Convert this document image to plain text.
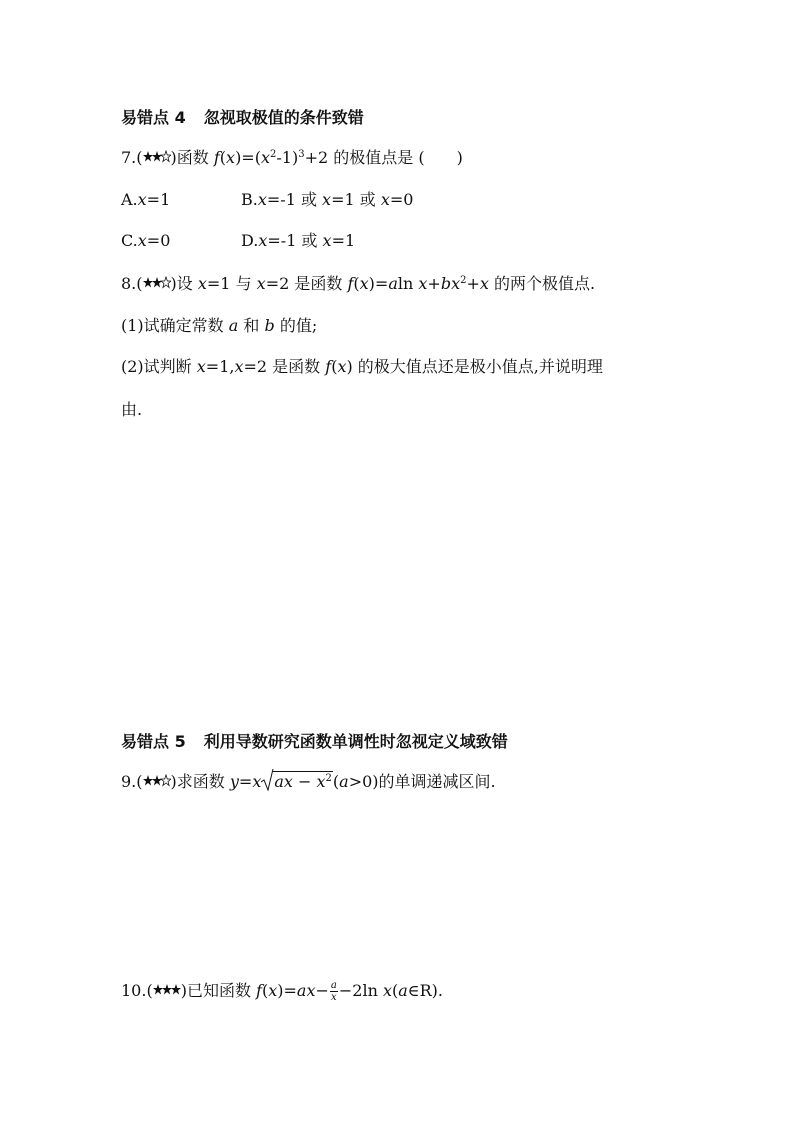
易错点 4 忽视取极值的条件致错
7.( )函数 $f(x)=(x^2-1)^3+2$ 的极值点是 (　　)
A.x=1	B.x=-1 或 x=1 或 x=0
C.x=0	D.x=-1 或 x=1
8.( )设 x=1 与 x=2 是函数 f(x)=aln $x+bx^2+x$ 的两个极值点.
(1)试确定常数 a 和 b 的值;
(2)试判断 x=1,x=2 是函数 f(x) 的极大值点还是极小值点,并说明理
由.
易错点 5 利用导数研究函数单调性时忽视定义域致错
9.( )求函数 y=x ax − $x^2(a>0)$的单调递减区间.
10.( )已知函数 $f(x)=ax- \frac{a}{x} -2\ln$ x(a∈R).
